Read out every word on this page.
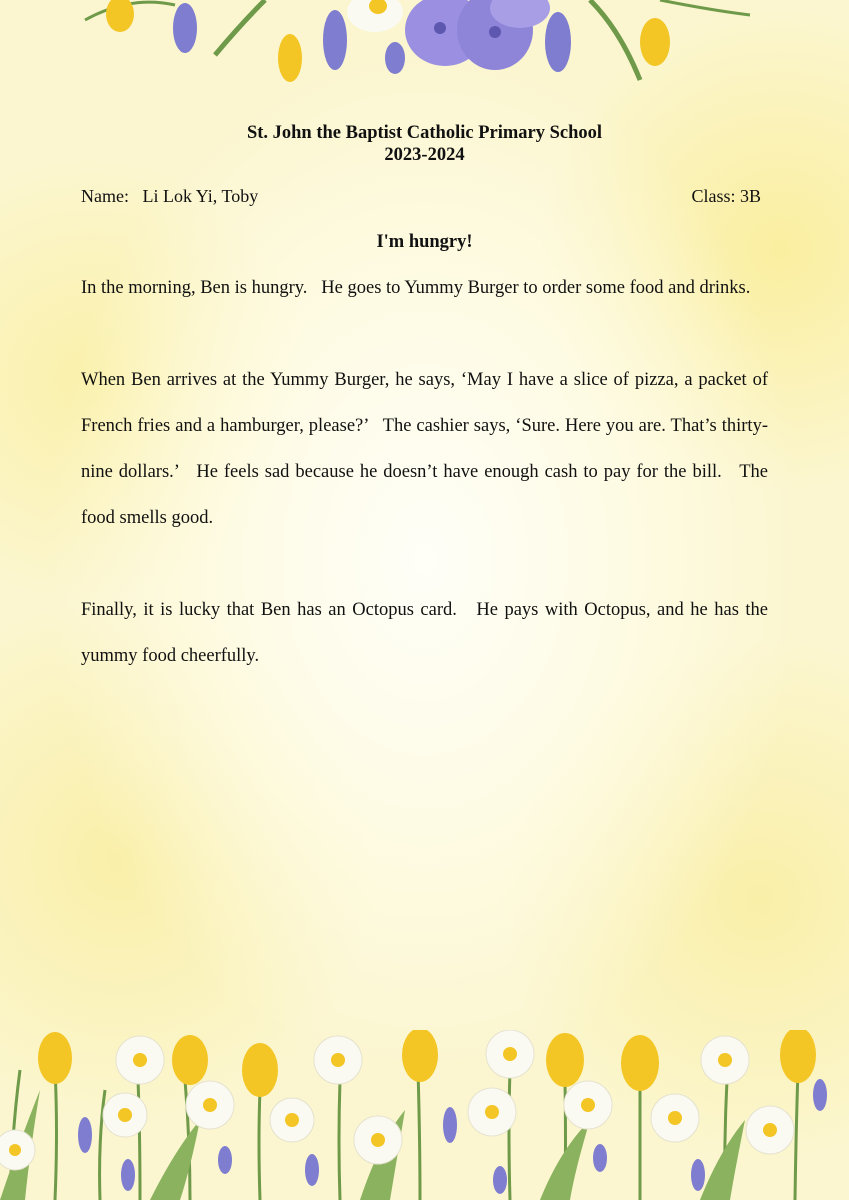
St. John the Baptist Catholic Primary School
2023-2024
Name:   Li Lok Yi, Toby	Class: 3B
I'm hungry!

In the morning, Ben is hungry.   He goes to Yummy Burger to order some food and drinks.

When Ben arrives at the Yummy Burger, he says, ‘May I have a slice of pizza, a packet of French fries and a hamburger, please?’   The cashier says, ‘Sure. Here you are. That’s thirty-nine dollars.’   He feels sad because he doesn’t have enough cash to pay for the bill.   The food smells good.

Finally, it is lucky that Ben has an Octopus card.   He pays with Octopus, and he has the yummy food cheerfully.
